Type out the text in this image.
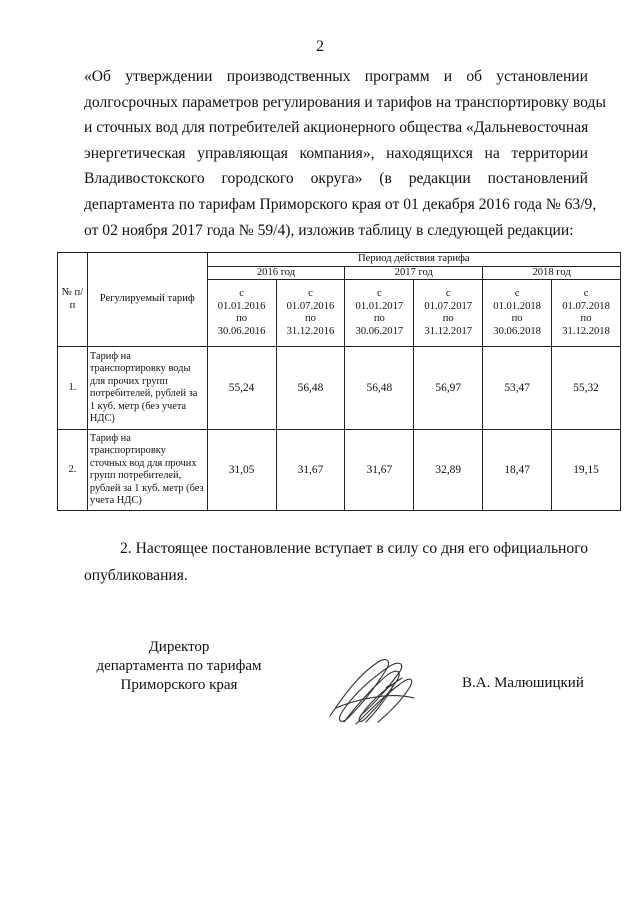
2
«Об утверждении производственных программ и об установлении
долгосрочных параметров регулирования и тарифов на транспортировку воды
и сточных вод для потребителей акционерного общества «Дальневосточная
энергетическая управляющая компания», находящихся на территории
Владивостокского городского округа» (в редакции постановлений
департамента по тарифам Приморского края от 01 декабря 2016 года № 63/9,
от 02 ноября 2017 года № 59/4), изложив таблицу в следующей редакции:
№ п/п	Регулируемый тариф	Период действия тарифа					
		2016 год		2017 год		2018 год	
		с
01.01.2016
по
30.06.2016	с
01.07.2016
по
31.12.2016	с
01.01.2017
по
30.06.2017	с
01.07.2017
по
31.12.2017	с
01.01.2018
по
30.06.2018	с
01.07.2018
по
31.12.2018
1.	Тариф на транспортировку воды для прочих групп потребителей, рублей за 1 куб. метр (без учета НДС)	55,24	56,48	56,48	56,97	53,47	55,32
2.	Тариф на транспортировку сточных вод для прочих групп потребителей, рублей за 1 куб. метр (без учета НДС)	31,05	31,67	31,67	32,89	18,47	19,15
2. Настоящее постановление вступает в силу со дня его официального
опубликования.
Директор
департамента по тарифам
Приморского края	В.А. Малюшицкий
